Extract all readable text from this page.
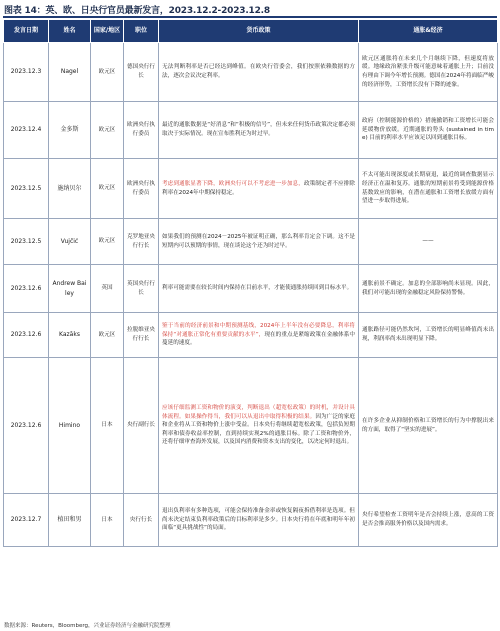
图表 14：英、欧、日央行官员最新发言，2023.12.2-2023.12.8
发言日期	姓名	国家/地区	职位	货币政策	通胀&经济
2023.12.3	Nagel	欧元区	德国央行行长	无法判断利率是否已经达到峰值。在欧央行管委会，我们按照依赖数据的方法，逐次会议决定利率。	欧元区通胀将在未来几个月继续下降，但速度将放缓。地缘政治紧张升级可能意味着通胀上升；目前没有理由下调今年增长预测。德国在2024年将面临严峻的经济形势，工资增长没有下降的迹象。
2023.12.4	金多斯	欧元区	欧洲央行执行委员	最近的通胀数据是“好消息”和“积极的信号”，但未来任何货币政策决定都必须取决于实际情况。现在宣布胜利还为时过早。	政府（控制能源价格的）措施撤销和工资增长可能会延缓物价放缓。近期通胀的势头 (sustained in time) 目前的利率水平应该足以回到通胀目标。
2023.12.5	施纳贝尔	欧元区	欧洲央行执行委员	考虑到通胀显著下降，欧洲央行可以不考虑进一步加息，政策制定者不应排除利率在2024年中期保持稳定。	不太可能出现深度或长期衰退，最近的调查数据显示经济正在温和复苏。通胀的短期前景将受到能源价格基数效应的影响，在潜在通胀和工资增长放缓方面有望进一步取得进展。
2023.12.5	Vujčić	欧元区	克罗地亚央行行长	如果我们的预测在2024－2025年被证明正确，那么利率肯定会下调。这不是短期内可以预期的事情，现在谈论这个还为时过早。	——
2023.12.6	Andrew Bailey	英国	英国央行行长	利率可能需要在较长时间内保持在目前水平，才能使通胀持续回到目标水平。	通胀前景不确定。加息的全部影响尚未显现。因此，我们对可能出现的金融稳定风险保持警惕。
2023.12.6	Kazāks	欧元区	拉脱维亚央行行长	鉴于当前的经济前景和中期预测基线，2024年上半年没有必要降息，利率将保持“对通胀正常化有重要贡献的水平”，现在的重点是紧缩政策在金融体系中蔓延的速度。	通胀路径可能仍然坎坷，工资增长的明显峰值尚未出现，利润率尚未出现明显下降。
2023.12.6	Himino	日本	央行副行长	应该仔细监测工资和物价的演变，判断退出（超宽松政策）的时机，并设计具体流程。如果操作得当，我们可以从退出中取得积极的结果。因为广泛的家庭和企业将从工资和物价上涨中受益。日本央行将继续超宽松政策，包括负短期利率和债券收益率控制，直到持续实现2%的通胀目标。除了工资和物价外，还将仔细审查海外发展，以及国内消费和资本支出的变化，以决定何时退出。	在许多企业从抑制价格和工资增长的行为中撑脱出来的方面，取得了“坚实的进展”。
2023.12.7	植田和男	日本	央行行长	退出负利率有多种选项，可能会保持准备金率或恢复隔夜拆借利率是选项。但尚未决定结束负利率政策后的目标利率是多少。日本央行将在年底和明年年初面临“更具挑战性”的局面。	央行希望检查工资明年是否会持续上涨，意高的工资是否会推高服务价格以及国内需求。
数据来源：Reuters，Bloomberg，兴业证券经济与金融研究院整理
